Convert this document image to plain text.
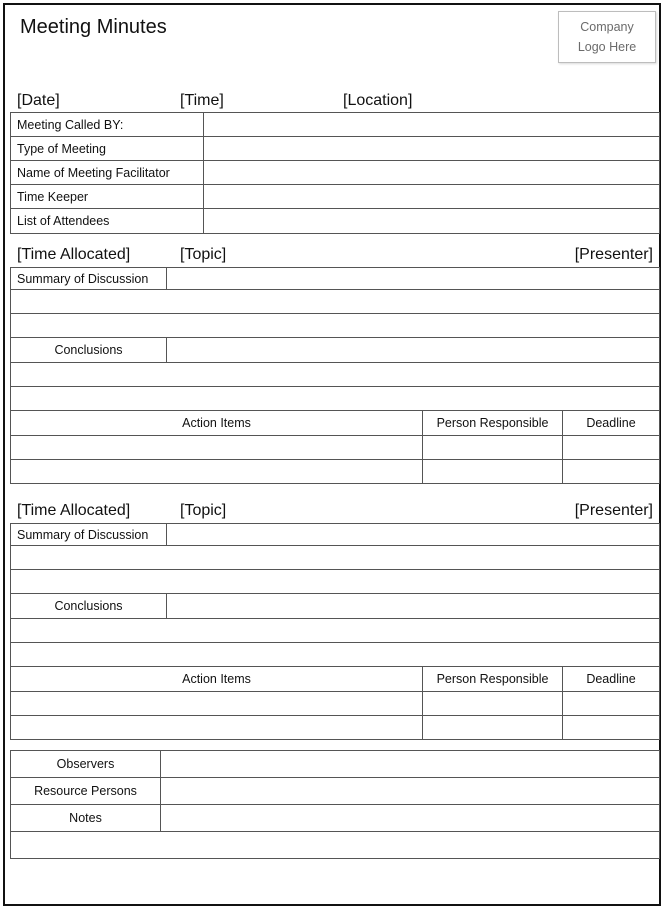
Meeting Minutes	Company
Logo Here
[Date]	[Time]	[Location]
Meeting Called BY:	
Type of Meeting	
Name of Meeting Facilitator	
Time Keeper	
List of Attendees	
[Time Allocated]	[Topic]	[Presenter]
Summary of Discussion	

Conclusions	

Action Items	Person Responsible	Deadline

[Time Allocated]	[Topic]	[Presenter]
Summary of Discussion	

Conclusions	

Action Items	Person Responsible	Deadline

Observers	
Resource Persons	
Notes	
